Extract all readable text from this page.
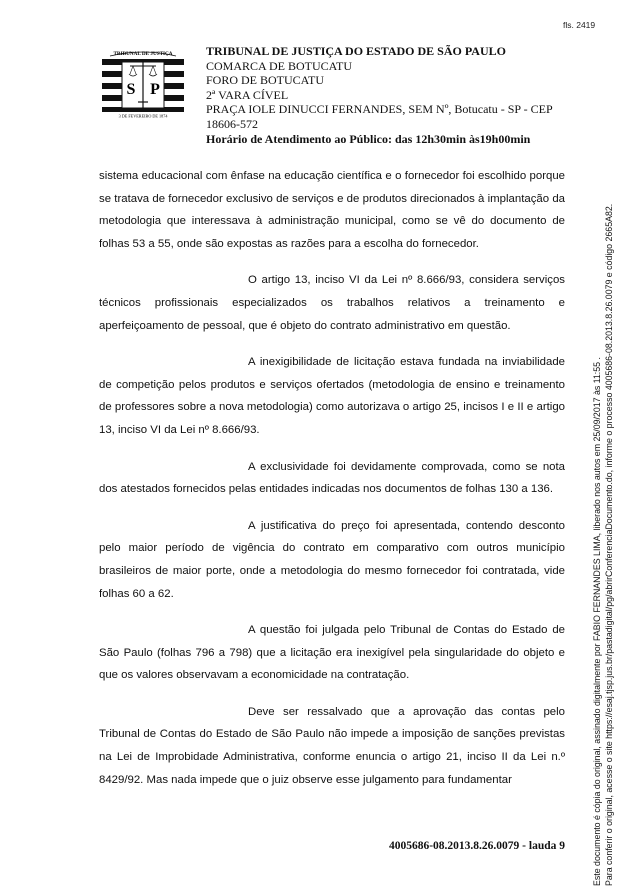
fls. 2419
TRIBUNAL DE JUSTIÇA
S P
3 DE FEVEREIRO DE 1874
TRIBUNAL DE JUSTIÇA DO ESTADO DE SÃO PAULO
COMARCA DE BOTUCATU
FORO DE BOTUCATU
2ª VARA CÍVEL
PRAÇA IOLE DINUCCI FERNANDES, SEM Nº, Botucatu - SP - CEP 18606-572
Horário de Atendimento ao Público: das 12h30min às19h00min

sistema educacional com ênfase na educação científica e o fornecedor foi escolhido porque se tratava de fornecedor exclusivo de serviços e de produtos direcionados à implantação da metodologia que interessava à administração municipal, como se vê do documento de folhas 53 a 55, onde são expostas as razões para a escolha do fornecedor.

O artigo 13, inciso VI da Lei nº 8.666/93, considera serviços técnicos profissionais especializados os trabalhos relativos a treinamento e aperfeiçoamento de pessoal, que é objeto do contrato administrativo em questão.

A inexigibilidade de licitação estava fundada na inviabilidade de competição pelos produtos e serviços ofertados (metodologia de ensino e treinamento de professores sobre a nova metodologia) como autorizava o artigo 25, incisos I e II e artigo 13, inciso VI da Lei nº 8.666/93.

A exclusividade foi devidamente comprovada, como se nota dos atestados fornecidos pelas entidades indicadas nos documentos de folhas 130 a 136.

A justificativa do preço foi apresentada, contendo desconto pelo maior período de vigência do contrato em comparativo com outros município brasileiros de maior porte, onde a metodologia do mesmo fornecedor foi contratada, vide folhas 60 a 62.

A questão foi julgada pelo Tribunal de Contas do Estado de São Paulo (folhas 796 a 798) que a licitação era inexigível pela singularidade do objeto e que os valores observavam a economicidade na contratação.

Deve ser ressalvado que a aprovação das contas pelo Tribunal de Contas do Estado de São Paulo não impede a imposição de sanções previstas na Lei de Improbidade Administrativa, conforme enuncia o artigo 21, inciso II da Lei n.º 8429/92. Mas nada impede que o juiz observe esse julgamento para fundamentar

4005686-08.2013.8.26.0079 - lauda 9	Este documento é cópia do original, assinado digitalmente por FABIO FERNANDES LIMA, liberado nos autos em 25/09/2017 às 11:55 . Para conferir o original, acesse o site https://esaj.tjsp.jus.br/pastadigital/pg/abrirConferenciaDocumento.do, informe o processo 4005686-08.2013.8.26.0079 e código 2665A82.
